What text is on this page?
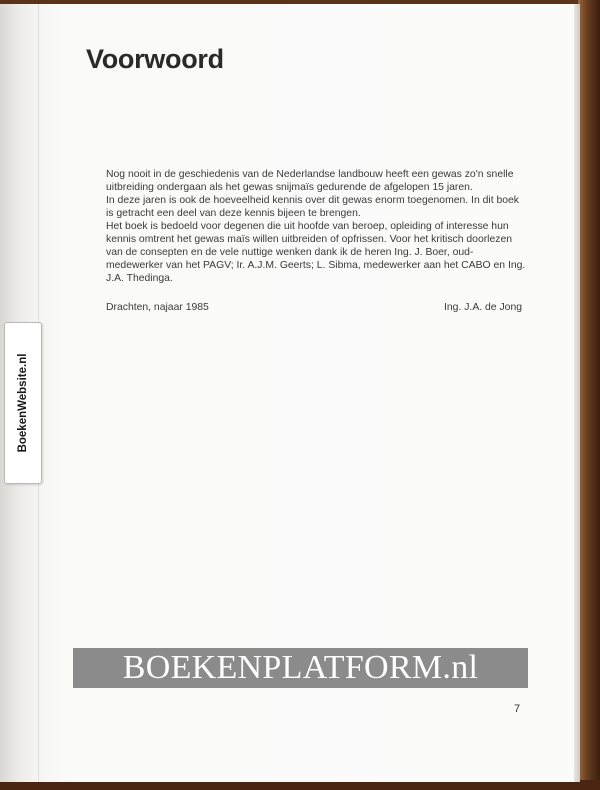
Voorwoord

Nog nooit in de geschiedenis van de Nederlandse landbouw heeft een gewas zo'n snelle uitbreiding ondergaan als het gewas snijmaïs gedurende de afgelopen 15 jaren.

In deze jaren is ook de hoeveelheid kennis over dit gewas enorm toegenomen. In dit boek is getracht een deel van deze kennis bijeen te brengen.

Het boek is bedoeld voor degenen die uit hoofde van beroep, opleiding of interesse hun kennis omtrent het gewas maïs willen uitbreiden of opfrissen. Voor het kritisch doorlezen van de consepten en de vele nuttige wenken dank ik de heren Ing. J. Boer, oud-medewerker van het PAGV; Ir. A.J.M. Geerts; L. Sibma, medewerker aan het CABO en Ing. J.A. Thedinga.

Drachten, najaar 1985	Ing. J.A. de Jong
7
BoekenWebsite.nl
BOEKENPLATFORM.nl
